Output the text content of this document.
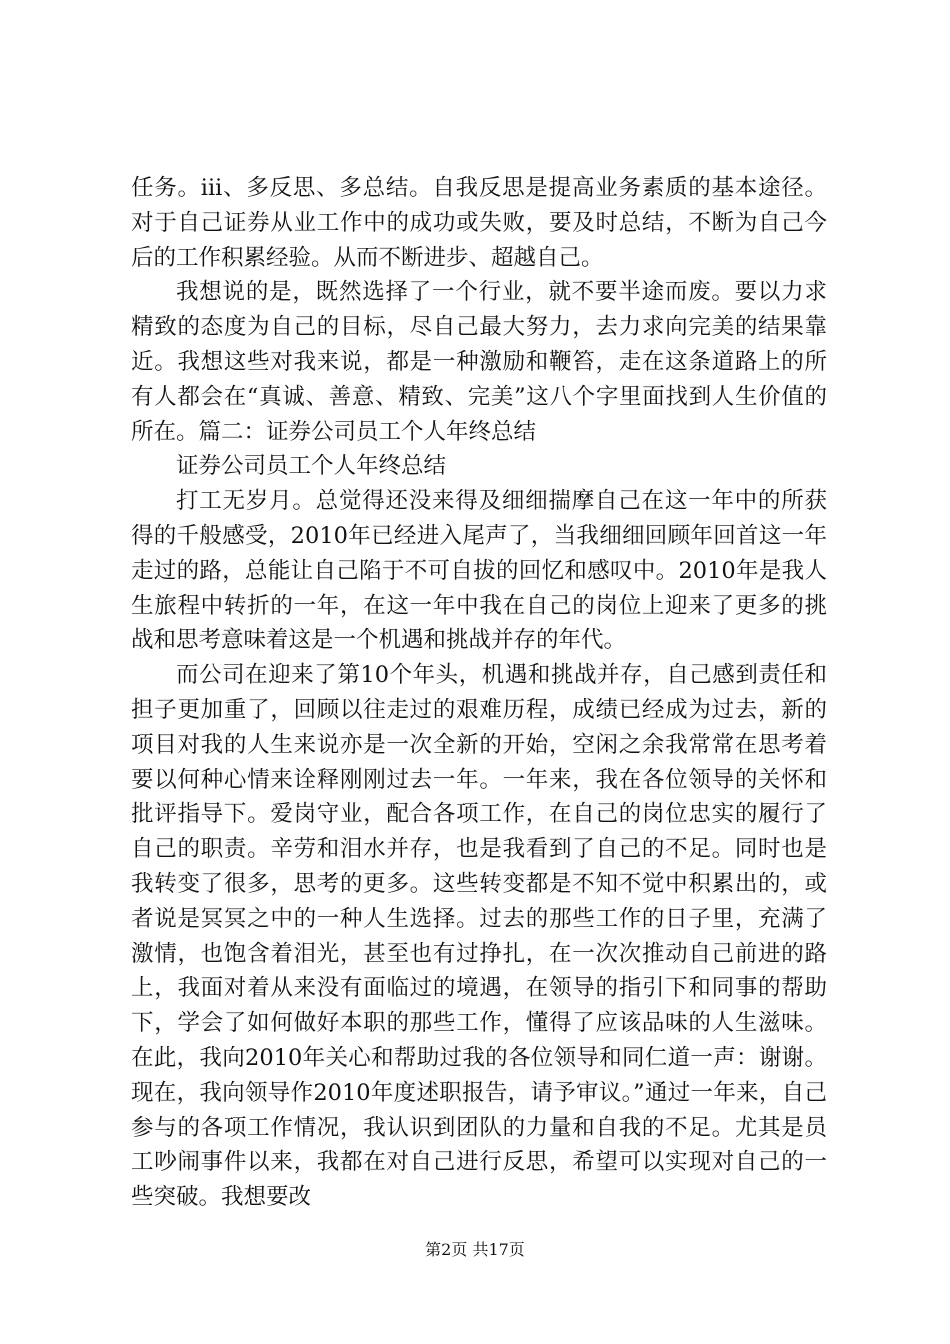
任务。iii、多反思、多总结。自我反思是提高业务素质的基本途径。对于自己证券从业工作中的成功或失败，要及时总结，不断为自己今后的工作积累经验。从而不断进步、超越自己。

我想说的是，既然选择了一个行业，就不要半途而废。要以力求精致的态度为自己的目标，尽自己最大努力，去力求向完美的结果靠近。我想这些对我来说，都是一种激励和鞭笞，走在这条道路上的所有人都会在“真诚、善意、精致、完美”这八个字里面找到人生价值的所在。篇二：证券公司员工个人年终总结

证券公司员工个人年终总结

打工无岁月。总觉得还没来得及细细揣摩自己在这一年中的所获得的千般感受，2010年已经进入尾声了，当我细细回顾年回首这一年走过的路，总能让自己陷于不可自拔的回忆和感叹中。2010年是我人生旅程中转折的一年，在这一年中我在自己的岗位上迎来了更多的挑战和思考意味着这是一个机遇和挑战并存的年代。

而公司在迎来了第10个年头，机遇和挑战并存，自己感到责任和担子更加重了，回顾以往走过的艰难历程，成绩已经成为过去，新的项目对我的人生来说亦是一次全新的开始，空闲之余我常常在思考着要以何种心情来诠释刚刚过去一年。一年来，我在各位领导的关怀和批评指导下。爱岗守业，配合各项工作，在自己的岗位忠实的履行了自己的职责。辛劳和泪水并存，也是我看到了自己的不足。同时也是我转变了很多，思考的更多。这些转变都是不知不觉中积累出的，或者说是冥冥之中的一种人生选择。过去的那些工作的日子里，充满了激情，也饱含着泪光，甚至也有过挣扎，在一次次推动自己前进的路上，我面对着从来没有面临过的境遇，在领导的指引下和同事的帮助下，学会了如何做好本职的那些工作，懂得了应该品味的人生滋味。在此，我向2010年关心和帮助过我的各位领导和同仁道一声：谢谢。现在，我向领导作2010年度述职报告，请予审议。”通过一年来，自己参与的各项工作情况，我认识到团队的力量和自我的不足。尤其是员工吵闹事件以来，我都在对自己进行反思，希望可以实现对自己的一些突破。我想要改

第2页 共17页
